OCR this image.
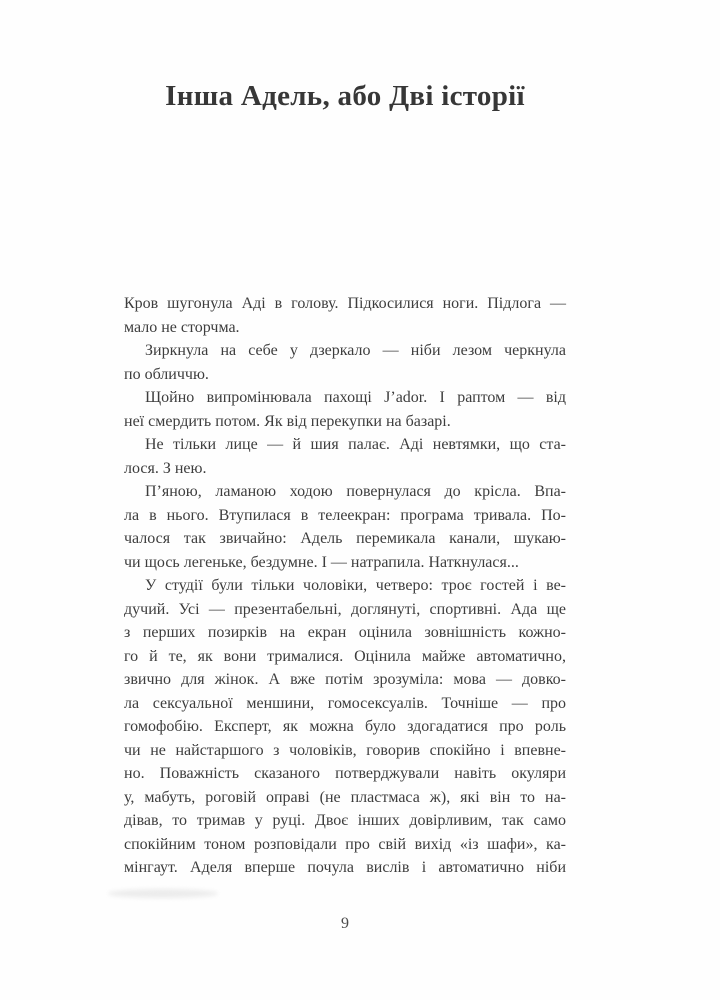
Інша Адель, або Дві історії
Кров шугонула Аді в голову. Підкосилися ноги. Підлога —
мало не сторчма.
Зиркнула на себе у дзеркало — ніби лезом черкнула
по обличчю.
Щойно випромінювала пахощі J’ador. І раптом — від
неї смердить потом. Як від перекупки на базарі.
Не тільки лице — й шия палає. Аді невтямки, що ста-
лося. З нею.
П’яною, ламаною ходою повернулася до крісла. Впа-
ла в нього. Втупилася в телеекран: програма тривала. По-
чалося так звичайно: Адель перемикала канали, шукаю-
чи щось легеньке, бездумне. І — натрапила. Наткнулася...
У студії були тільки чоловіки, четверо: троє гостей і ве-
дучий. Усі — презентабельні, доглянуті, спортивні. Ада ще
з перших позирків на екран оцінила зовнішність кожно-
го й те, як вони трималися. Оцінила майже автоматично,
звично для жінок. А вже потім зрозуміла: мова — довко-
ла сексуальної меншини, гомосексуалів. Точніше — про
гомофобію. Експерт, як можна було здогадатися про роль
чи не найстаршого з чоловіків, говорив спокійно і впевне-
но. Поважність сказаного потверджували навіть окуляри
у, мабуть, роговій оправі (не пластмаса ж), які він то на-
дівав, то тримав у руці. Двоє інших довірливим, так само
спокійним тоном розповідали про свій вихід «із шафи», ка-
мінгаут. Аделя вперше почула вислів і автоматично ніби
9
